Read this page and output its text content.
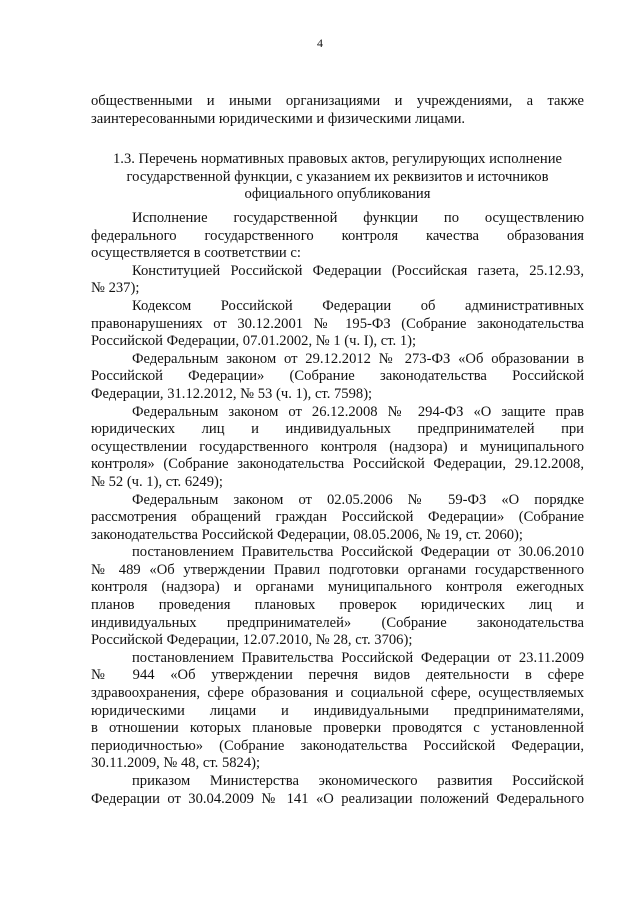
4
общественными и иными организациями и учреждениями, а также
заинтересованными юридическими и физическими лицами.
1.3. Перечень нормативных правовых актов, регулирующих исполнение
государственной функции, с указанием их реквизитов и источников
официального опубликования
Исполнение государственной функции по осуществлению
федерального государственного контроля качества образования
осуществляется в соответствии с:
Конституцией Российской Федерации (Российская газета, 25.12.93,
№ 237);
Кодексом Российской Федерации об административных
правонарушениях от 30.12.2001 № 195-ФЗ (Собрание законодательства
Российской Федерации, 07.01.2002, № 1 (ч. I), ст. 1);
Федеральным законом от 29.12.2012 № 273-ФЗ «Об образовании в
Российской Федерации» (Собрание законодательства Российской
Федерации, 31.12.2012, № 53 (ч. 1), ст. 7598);
Федеральным законом от 26.12.2008 № 294-ФЗ «О защите прав
юридических лиц и индивидуальных предпринимателей при
осуществлении государственного контроля (надзора) и муниципального
контроля» (Собрание законодательства Российской Федерации, 29.12.2008,
№ 52 (ч. 1), ст. 6249);
Федеральным законом от 02.05.2006 № 59-ФЗ «О порядке
рассмотрения обращений граждан Российской Федерации» (Собрание
законодательства Российской Федерации, 08.05.2006, № 19, ст. 2060);
постановлением Правительства Российской Федерации от 30.06.2010
№ 489 «Об утверждении Правил подготовки органами государственного
контроля (надзора) и органами муниципального контроля ежегодных
планов проведения плановых проверок юридических лиц и
индивидуальных предпринимателей» (Собрание законодательства
Российской Федерации, 12.07.2010, № 28, ст. 3706);
постановлением Правительства Российской Федерации от 23.11.2009
№ 944 «Об утверждении перечня видов деятельности в сфере
здравоохранения, сфере образования и социальной сфере, осуществляемых
юридическими лицами и индивидуальными предпринимателями,
в отношении которых плановые проверки проводятся с установленной
периодичностью» (Собрание законодательства Российской Федерации,
30.11.2009, № 48, ст. 5824);
приказом Министерства экономического развития Российской
Федерации от 30.04.2009 № 141 «О реализации положений Федерального
